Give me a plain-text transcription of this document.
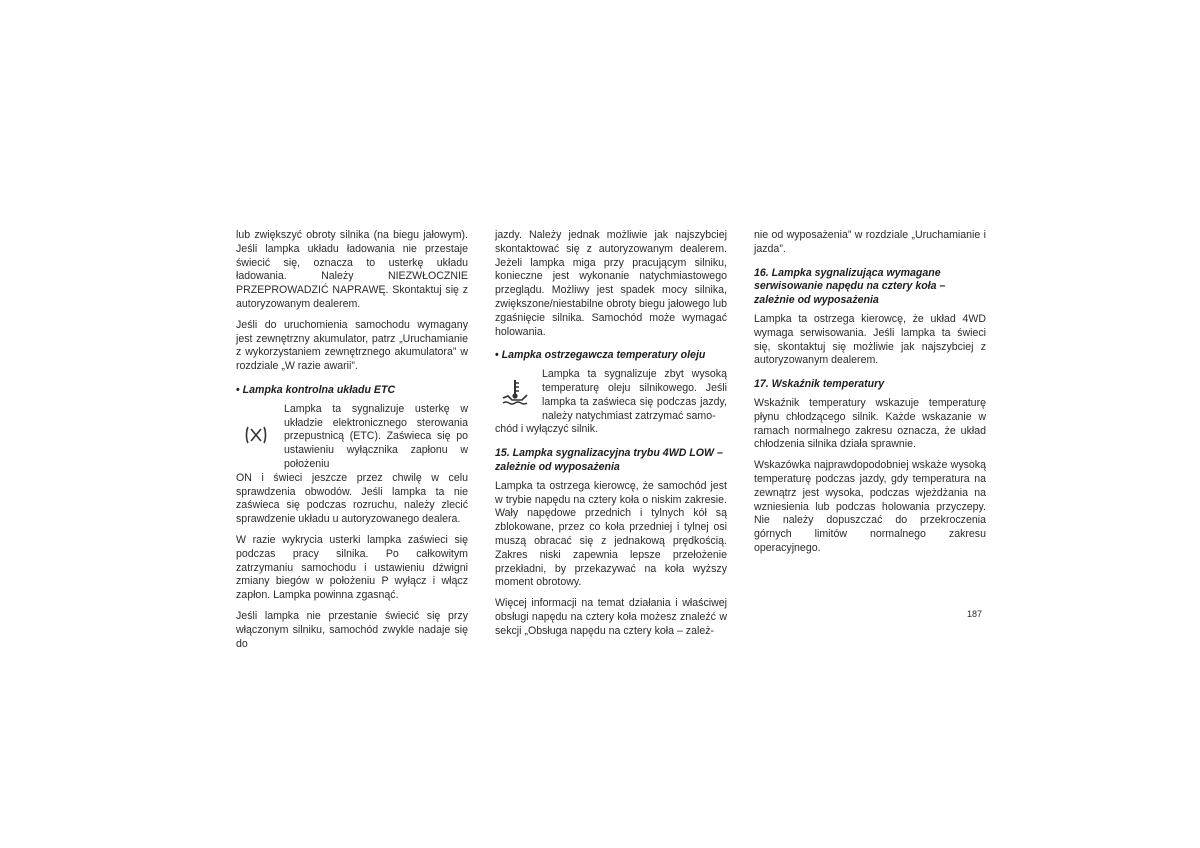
lub zwiększyć obroty silnika (na biegu jałowym). Jeśli lampka układu ładowania nie przestaje świecić się, oznacza to usterkę układu ładowania. Należy NIEZWŁOCZNIE PRZEPROWADZIĆ NAPRAWĘ. Skontaktuj się z autoryzowanym dealerem.

Jeśli do uruchomienia samochodu wymagany jest zewnętrzny akumulator, patrz „Uruchamianie z wykorzystaniem zewnętrznego akumulatora” w rozdziale „W razie awarii”.

• Lampka kontrolna układu ETC

Lampka ta sygnalizuje usterkę w układzie elektronicznego sterowania przepustnicą (ETC). Zaświeca się po ustawieniu wyłącznika zapłonu w położeniu

ON i świeci jeszcze przez chwilę w celu sprawdzenia obwodów. Jeśli lampka ta nie zaświeca się podczas rozruchu, należy zlecić sprawdzenie układu u autoryzowanego dealera.

W razie wykrycia usterki lampka zaświeci się podczas pracy silnika. Po całkowitym zatrzymaniu samochodu i ustawieniu dźwigni zmiany biegów w położeniu P wyłącz i włącz zapłon. Lampka powinna zgasnąć.

Jeśli lampka nie przestanie świecić się przy włączonym silniku, samochód zwykle nadaje się do

jazdy. Należy jednak możliwie jak najszybciej skontaktować się z autoryzowanym dealerem. Jeżeli lampka miga przy pracującym silniku, konieczne jest wykonanie natychmiastowego przeglądu. Możliwy jest spadek mocy silnika, zwiększone/niestabilne obroty biegu jałowego lub zgaśnięcie silnika. Samochód może wymagać holowania.

• Lampka ostrzegawcza temperatury oleju

Lampka ta sygnalizuje zbyt wysoką temperaturę oleju silnikowego. Jeśli lampka ta zaświeca się podczas jazdy, należy natychmiast zatrzymać samo-

chód i wyłączyć silnik.

15. Lampka sygnalizacyjna trybu 4WD LOW – zależnie od wyposażenia

Lampka ta ostrzega kierowcę, że samochód jest w trybie napędu na cztery koła o niskim zakresie. Wały napędowe przednich i tylnych kół są zblokowane, przez co koła przedniej i tylnej osi muszą obracać się z jednakową prędkością. Zakres niski zapewnia lepsze przełożenie przekładni, by przekazywać na koła wyższy moment obrotowy.

Więcej informacji na temat działania i właściwej obsługi napędu na cztery koła możesz znaleźć w sekcji „Obsługa napędu na cztery koła – zależ-

nie od wyposażenia” w rozdziale „Uruchamianie i jazda”.

16. Lampka sygnalizująca wymagane serwisowanie napędu na cztery koła – zależnie od wyposażenia

Lampka ta ostrzega kierowcę, że układ 4WD wymaga serwisowania. Jeśli lampka ta świeci się, skontaktuj się możliwie jak najszybciej z autoryzowanym dealerem.

17. Wskaźnik temperatury

Wskaźnik temperatury wskazuje temperaturę płynu chłodzącego silnik. Każde wskazanie w ramach normalnego zakresu oznacza, że układ chłodzenia silnika działa sprawnie.

Wskazówka najprawdopodobniej wskaże wysoką temperaturę podczas jazdy, gdy temperatura na zewnątrz jest wysoka, podczas wjeżdżania na wzniesienia lub podczas holowania przyczepy. Nie należy dopuszczać do przekroczenia górnych limitów normalnego zakresu operacyjnego.

187
